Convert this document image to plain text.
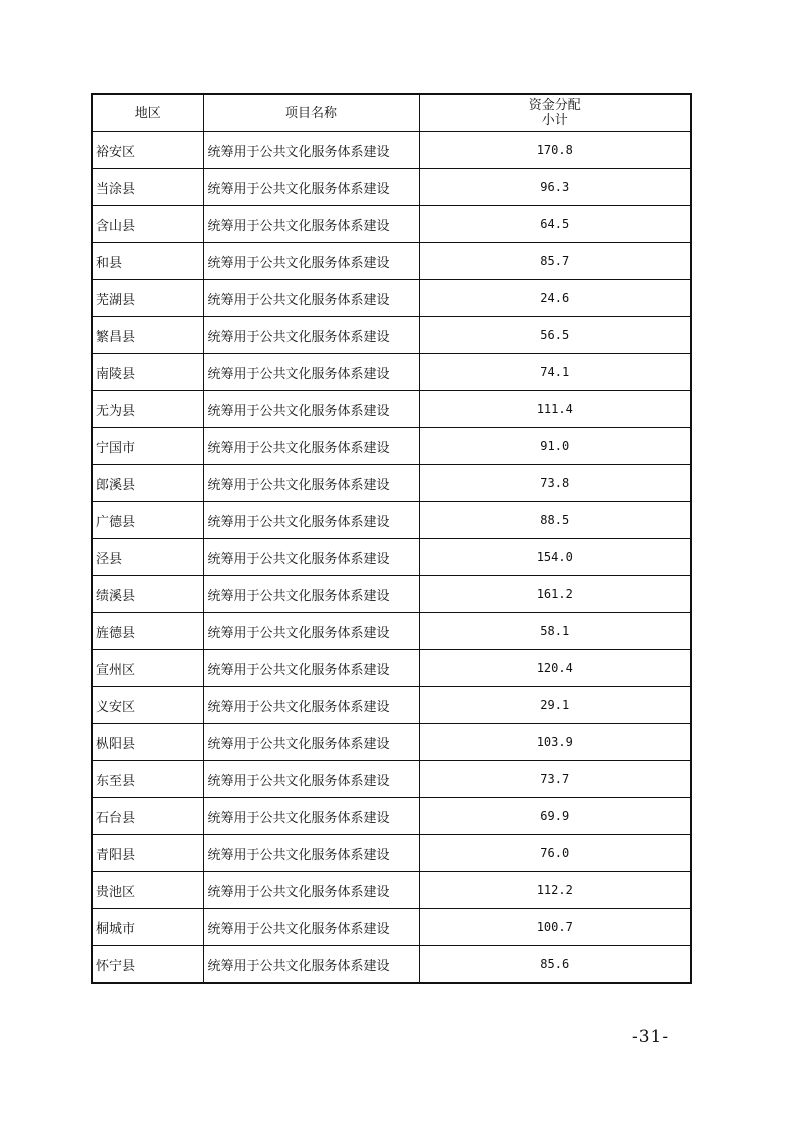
地区	项目名称	资金分配
小计

裕安区	统筹用于公共文化服务体系建设	170.8
当涂县	统筹用于公共文化服务体系建设	96.3
含山县	统筹用于公共文化服务体系建设	64.5
和县	统筹用于公共文化服务体系建设	85.7
芜湖县	统筹用于公共文化服务体系建设	24.6
繁昌县	统筹用于公共文化服务体系建设	56.5
南陵县	统筹用于公共文化服务体系建设	74.1
无为县	统筹用于公共文化服务体系建设	111.4
宁国市	统筹用于公共文化服务体系建设	91.0
郎溪县	统筹用于公共文化服务体系建设	73.8
广德县	统筹用于公共文化服务体系建设	88.5
泾县	统筹用于公共文化服务体系建设	154.0
绩溪县	统筹用于公共文化服务体系建设	161.2
旌德县	统筹用于公共文化服务体系建设	58.1
宣州区	统筹用于公共文化服务体系建设	120.4
义安区	统筹用于公共文化服务体系建设	29.1
枞阳县	统筹用于公共文化服务体系建设	103.9
东至县	统筹用于公共文化服务体系建设	73.7
石台县	统筹用于公共文化服务体系建设	69.9
青阳县	统筹用于公共文化服务体系建设	76.0
贵池区	统筹用于公共文化服务体系建设	112.2
桐城市	统筹用于公共文化服务体系建设	100.7
怀宁县	统筹用于公共文化服务体系建设	85.6
-31-
